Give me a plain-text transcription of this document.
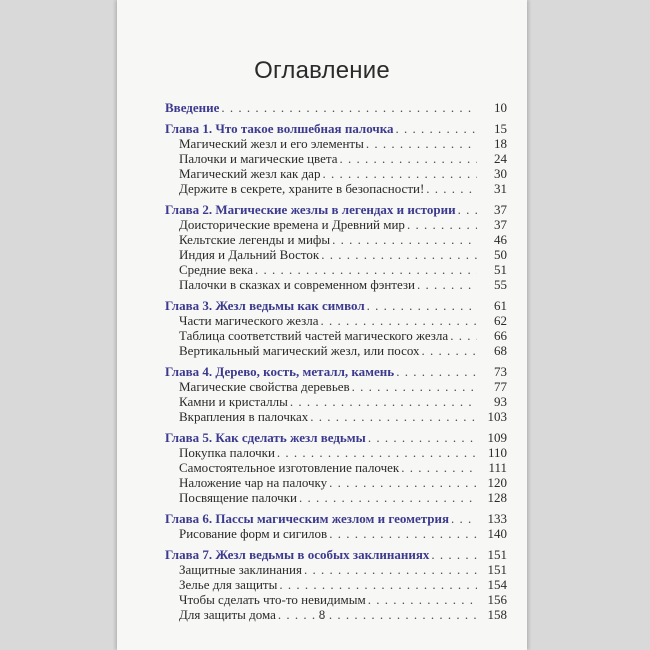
Оглавление
Введение . . .	10
Глава 1. Что такое волшебная палочка . . .	15
Магический жезл и его элементы . . .	18
Палочки и магические цвета . . .	24
Магический жезл как дар . . .	30
Держите в секрете, храните в безопасности! . . .	31
Глава 2. Магические жезлы в легендах и истории . . .	37
Доисторические времена и Древний мир . . .	37
Кельтские легенды и мифы . . .	46
Индия и Дальний Восток . . .	50
Средние века . . .	51
Палочки в сказках и современном фэнтези . . .	55
Глава 3. Жезл ведьмы как символ . . .	61
Части магического жезла . . .	62
Таблица соответствий частей магического жезла . . .	66
Вертикальный магический жезл, или посох . . .	68
Глава 4. Дерево, кость, металл, камень . . .	73
Магические свойства деревьев . . .	77
Камни и кристаллы . . .	93
Вкрапления в палочках . . .	103
Глава 5. Как сделать жезл ведьмы . . .	109
Покупка палочки . . .	110
Самостоятельное изготовление палочек . . .	111
Наложение чар на палочку . . .	120
Посвящение палочки . . .	128
Глава 6. Пассы магическим жезлом и геометрия . . .	133
Рисование форм и сигилов . . .	140
Глава 7. Жезл ведьмы в особых заклинаниях . . .	151
Защитные заклинания . . .	151
Зелье для защиты . . .	154
Чтобы сделать что-то невидимым . . .	156
Для защиты дома . . .	158
8
